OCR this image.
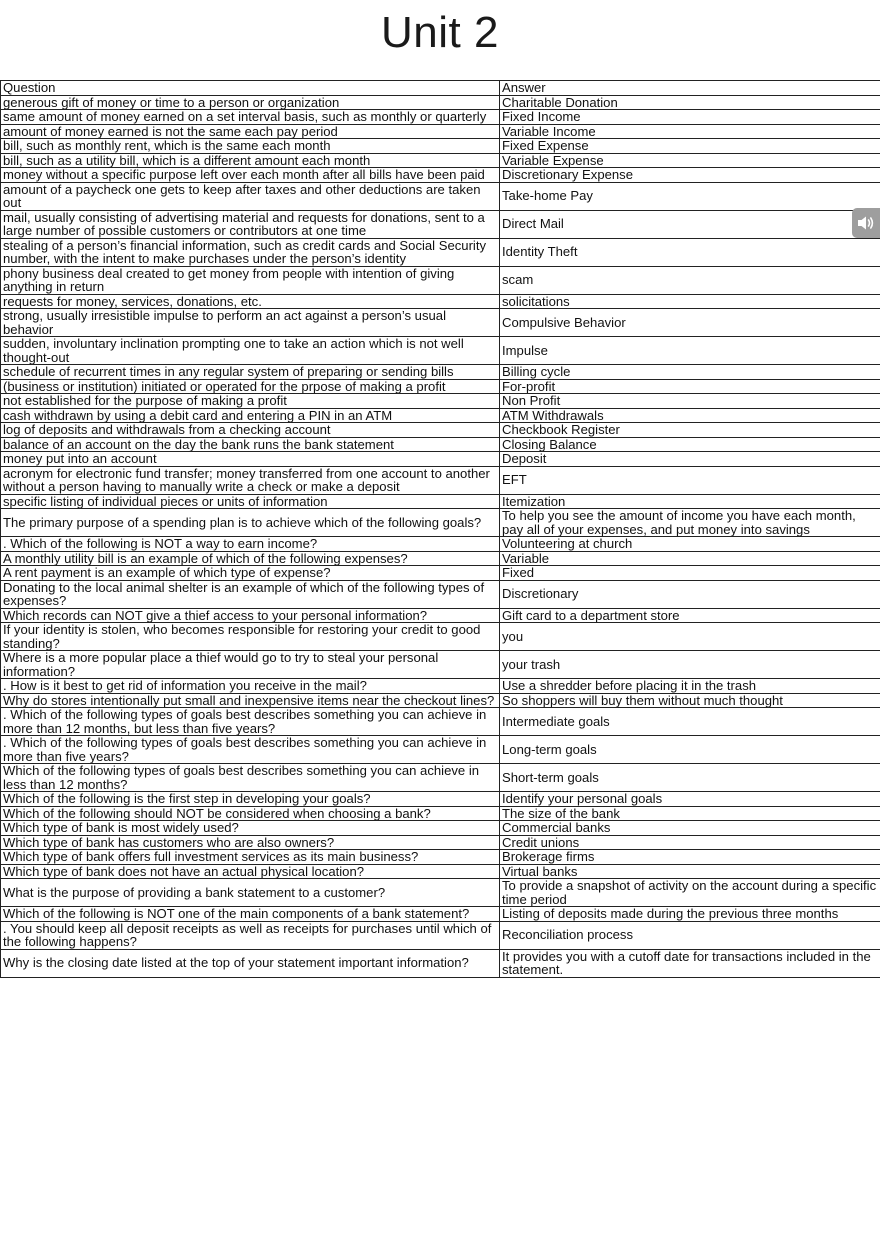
Unit 2
Question	Answer
generous gift of money or time to a person or organization	Charitable Donation
same amount of money earned on a set interval basis, such as monthly or quarterly	Fixed Income
amount of money earned is not the same each pay period	Variable Income
bill, such as monthly rent, which is the same each month	Fixed Expense
bill, such as a utility bill, which is a different amount each month	Variable Expense
money without a specific purpose left over each month after all bills have been paid	Discretionary Expense
amount of a paycheck one gets to keep after taxes and other deductions are taken out	Take-home Pay
mail, usually consisting of advertising material and requests for donations, sent to a large number of possible customers or contributors at one time	Direct Mail
stealing of a person’s financial information, such as credit cards and Social Security number, with the intent to make purchases under the person’s identity	Identity Theft
phony business deal created to get money from people with intention of giving anything in return	scam
requests for money, services, donations, etc.	solicitations
strong, usually irresistible impulse to perform an act against a person’s usual behavior	Compulsive Behavior
sudden, involuntary inclination prompting one to take an action which is not well thought-out	Impulse
schedule of recurrent times in any regular system of preparing or sending bills	Billing cycle
(business or institution) initiated or operated for the prpose of making a profit	For-profit
not established for the purpose of making a profit	Non Profit
cash withdrawn by using a debit card and entering a PIN in an ATM	ATM Withdrawals
log of deposits and withdrawals from a checking account	Checkbook Register
balance of an account on the day the bank runs the bank statement	Closing Balance
money put into an account	Deposit
acronym for electronic fund transfer; money transferred from one account to another without a person having to manually write a check or make a deposit	EFT
specific listing of individual pieces or units of information	Itemization
The primary purpose of a spending plan is to achieve which of the following goals?	To help you see the amount of income you have each month, pay all of your expenses, and put money into savings
. Which of the following is NOT a way to earn income?	Volunteering at church
A monthly utility bill is an example of which of the following expenses?	Variable
A rent payment is an example of which type of expense?	Fixed
Donating to the local animal shelter is an example of which of the following types of expenses?	Discretionary
Which records can NOT give a thief access to your personal information?	Gift card to a department store
If your identity is stolen, who becomes responsible for restoring your credit to good standing?	you
Where is a more popular place a thief would go to try to steal your personal information?	your trash
. How is it best to get rid of information you receive in the mail?	Use a shredder before placing it in the trash
Why do stores intentionally put small and inexpensive items near the checkout lines?	So shoppers will buy them without much thought
. Which of the following types of goals best describes something you can achieve in more than 12 months, but less than five years?	Intermediate goals
. Which of the following types of goals best describes something you can achieve in more than five years?	Long-term goals
Which of the following types of goals best describes something you can achieve in less than 12 months?	Short-term goals
Which of the following is the first step in developing your goals?	Identify your personal goals
Which of the following should NOT be considered when choosing a bank?	The size of the bank
Which type of bank is most widely used?	Commercial banks
Which type of bank has customers who are also owners?	Credit unions
Which type of bank offers full investment services as its main business?	Brokerage firms
Which type of bank does not have an actual physical location?	Virtual banks
What is the purpose of providing a bank statement to a customer?	To provide a snapshot of activity on the account during a specific time period
Which of the following is NOT one of the main components of a bank statement?	Listing of deposits made during the previous three months
. You should keep all deposit receipts as well as receipts for purchases until which of the following happens?	Reconciliation process
Why is the closing date listed at the top of your statement important information?	It provides you with a cutoff date for transactions included in the statement.
